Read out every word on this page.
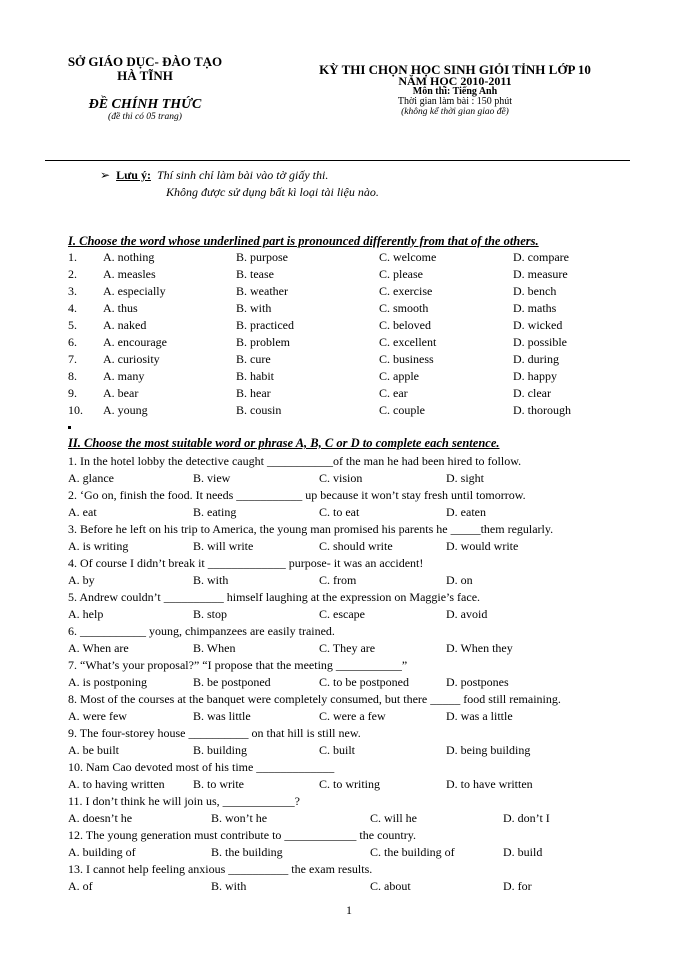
SỞ GIÁO DỤC- ĐÀO TẠO
HÀ TĨNH
ĐỀ CHÍNH THỨC
(đề thi có 05 trang)
KỲ THI CHỌN HỌC SINH GIỎI TỈNH LỚP 10
NĂM HỌC 2010-2011
Môn thi: Tiếng Anh
Thời gian làm bài : 150 phút
(không kể thời gian giao đề)
➢ Lưu ý: Thí sinh chỉ làm bài vào tờ giấy thi.
Không được sử dụng bất kì loại tài liệu nào.
I. Choose the word whose underlined part is pronounced differently from that of the others.
1. A. nothing	B. purpose	C. welcome	D. compare
2. A. measles	B. tease	C. please	D. measure
3. A. especially	B. weather	C. exercise	D. bench
4. A. thus	B. with	C. smooth	D. maths
5. A. naked	B. practiced	C. beloved	D. wicked
6. A. encourage	B. problem	C. excellent	D. possible
7. A. curiosity	B. cure	C. business	D. during
8. A. many	B. habit	C. apple	D. happy
9. A. bear	B. hear	C. ear	D. clear
10. A. young	B. cousin	C. couple	D. thorough
II. Choose the most suitable word or phrase A, B, C or D to complete each sentence.
1. In the hotel lobby the detective caught ___________of the man he had been hired to follow.
A. glance	B. view	C. vision	D. sight
2. ‘Go on, finish the food. It needs ___________ up because it won’t stay fresh until tomorrow.
A. eat	B. eating	C. to eat	D. eaten
3. Before he left on his trip to America, the young man promised his parents he _____them regularly.
A. is writing	B. will write	C. should write	D. would write
4. Of course I didn’t break it _____________ purpose- it was an accident!
A. by	B. with	C. from	D. on
5. Andrew couldn’t __________ himself laughing at the expression on Maggie’s face.
A. help	B. stop	C. escape	D. avoid
6. ___________ young, chimpanzees are easily trained.
A. When are	B. When	C. They are	D. When they
7. “What’s your proposal?” “I propose that the meeting ___________”
A. is postponing	B. be postponed	C. to be postponed	D. postpones
8. Most of the courses at the banquet were completely consumed, but there _____ food still remaining.
A. were few	B. was little	C. were a few	D. was a little
9. The four-storey house __________ on that hill is still new.
A. be built	B. building	C. built	D. being building
10. Nam Cao devoted most of his time _____________
A. to having written B. to write	C. to writing	D. to have written
11. I don’t think he will join us, ____________?
A. doesn’t he	B. won’t he	C. will he	D. don’t I
12. The young generation must contribute to ____________ the country.
A. building of	B. the building	C. the building of	D. build
13. I cannot help feeling anxious __________ the exam results.
A. of	B. with	C. about	D. for
1
